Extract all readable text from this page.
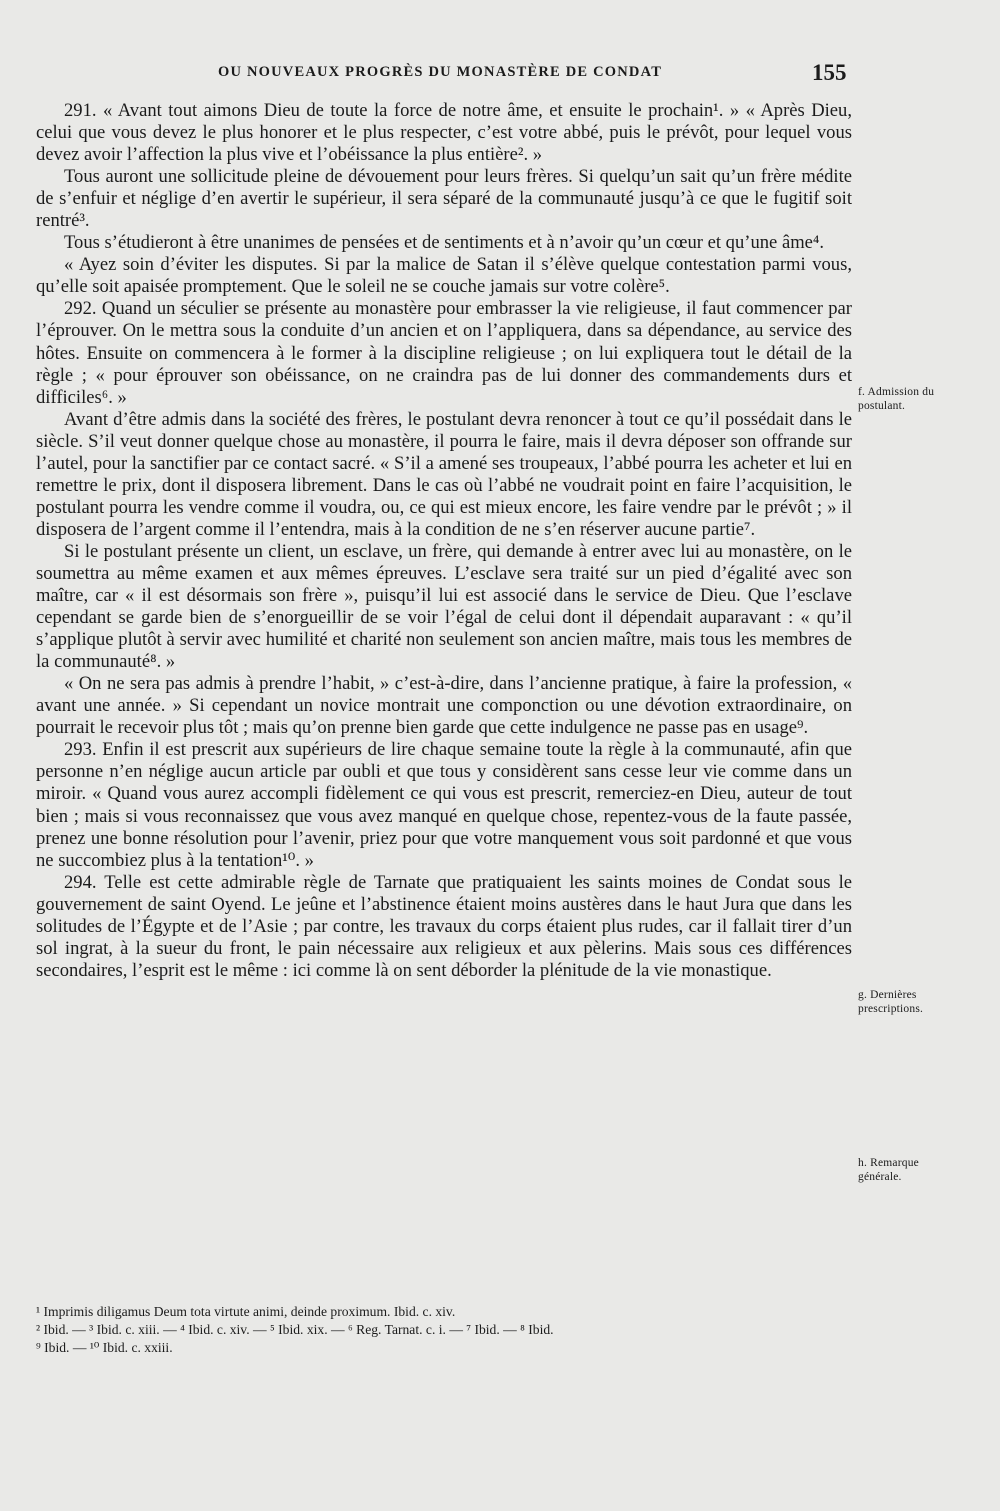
OU NOUVEAUX PROGRÈS DU MONASTÈRE DE CONDAT	155

291. « Avant tout aimons Dieu de toute la force de notre âme, et ensuite le prochain¹. » « Après Dieu, celui que vous devez le plus honorer et le plus respecter, c’est votre abbé, puis le prévôt, pour lequel vous devez avoir l’affection la plus vive et l’obéissance la plus entière². »

Tous auront une sollicitude pleine de dévouement pour leurs frères. Si quelqu’un sait qu’un frère médite de s’enfuir et néglige d’en avertir le supérieur, il sera séparé de la communauté jusqu’à ce que le fugitif soit rentré³.

Tous s’étudieront à être unanimes de pensées et de sentiments et à n’avoir qu’un cœur et qu’une âme⁴.

« Ayez soin d’éviter les disputes. Si par la malice de Satan il s’élève quelque contestation parmi vous, qu’elle soit apaisée promptement. Que le soleil ne se couche jamais sur votre colère⁵.

292. Quand un séculier se présente au monastère pour embrasser la vie religieuse, il faut commencer par l’éprouver. On le mettra sous la conduite d’un ancien et on l’appliquera, dans sa dépendance, au service des hôtes. Ensuite on commencera à le former à la discipline religieuse ; on lui expliquera tout le détail de la règle ; « pour éprouver son obéissance, on ne craindra pas de lui donner des commandements durs et difficiles⁶. »

Avant d’être admis dans la société des frères, le postulant devra renoncer à tout ce qu’il possédait dans le siècle. S’il veut donner quelque chose au monastère, il pourra le faire, mais il devra déposer son offrande sur l’autel, pour la sanctifier par ce contact sacré. « S’il a amené ses troupeaux, l’abbé pourra les acheter et lui en remettre le prix, dont il disposera librement. Dans le cas où l’abbé ne voudrait point en faire l’acquisition, le postulant pourra les vendre comme il voudra, ou, ce qui est mieux encore, les faire vendre par le prévôt ; » il disposera de l’argent comme il l’entendra, mais à la condition de ne s’en réserver aucune partie⁷.

Si le postulant présente un client, un esclave, un frère, qui demande à entrer avec lui au monastère, on le soumettra au même examen et aux mêmes épreuves. L’esclave sera traité sur un pied d’égalité avec son maître, car « il est désormais son frère », puisqu’il lui est associé dans le service de Dieu. Que l’esclave cependant se garde bien de s’enorgueillir de se voir l’égal de celui dont il dépendait auparavant : « qu’il s’applique plutôt à servir avec humilité et charité non seulement son ancien maître, mais tous les membres de la communauté⁸. »

« On ne sera pas admis à prendre l’habit, » c’est-à-dire, dans l’ancienne pratique, à faire la profession, « avant une année. » Si cependant un novice montrait une componction ou une dévotion extraordinaire, on pourrait le recevoir plus tôt ; mais qu’on prenne bien garde que cette indulgence ne passe pas en usage⁹.

293. Enfin il est prescrit aux supérieurs de lire chaque semaine toute la règle à la communauté, afin que personne n’en néglige aucun article par oubli et que tous y considèrent sans cesse leur vie comme dans un miroir. « Quand vous aurez accompli fidèlement ce qui vous est prescrit, remerciez-en Dieu, auteur de tout bien ; mais si vous reconnaissez que vous avez manqué en quelque chose, repentez-vous de la faute passée, prenez une bonne résolution pour l’avenir, priez pour que votre manquement vous soit pardonné et que vous ne succombiez plus à la tentation¹⁰. »

294. Telle est cette admirable règle de Tarnate que pratiquaient les saints moines de Condat sous le gouvernement de saint Oyend. Le jeûne et l’abstinence étaient moins austères dans le haut Jura que dans les solitudes de l’Égypte et de l’Asie ; par contre, les travaux du corps étaient plus rudes, car il fallait tirer d’un sol ingrat, à la sueur du front, le pain nécessaire aux religieux et aux pèlerins. Mais sous ces différences secondaires, l’esprit est le même : ici comme là on sent déborder la plénitude de la vie monastique.

f. Admission du postulant.
g. Dernières prescriptions.
h. Remarque générale.
¹ Imprimis diligamus Deum tota virtute animi, deinde proximum. Ibid. c. xiv.
² Ibid. — ³ Ibid. c. xiii. — ⁴ Ibid. c. xiv. — ⁵ Ibid. xix. — ⁶ Reg. Tarnat. c. i. — ⁷ Ibid. — ⁸ Ibid.
⁹ Ibid. — ¹⁰ Ibid. c. xxiii.
